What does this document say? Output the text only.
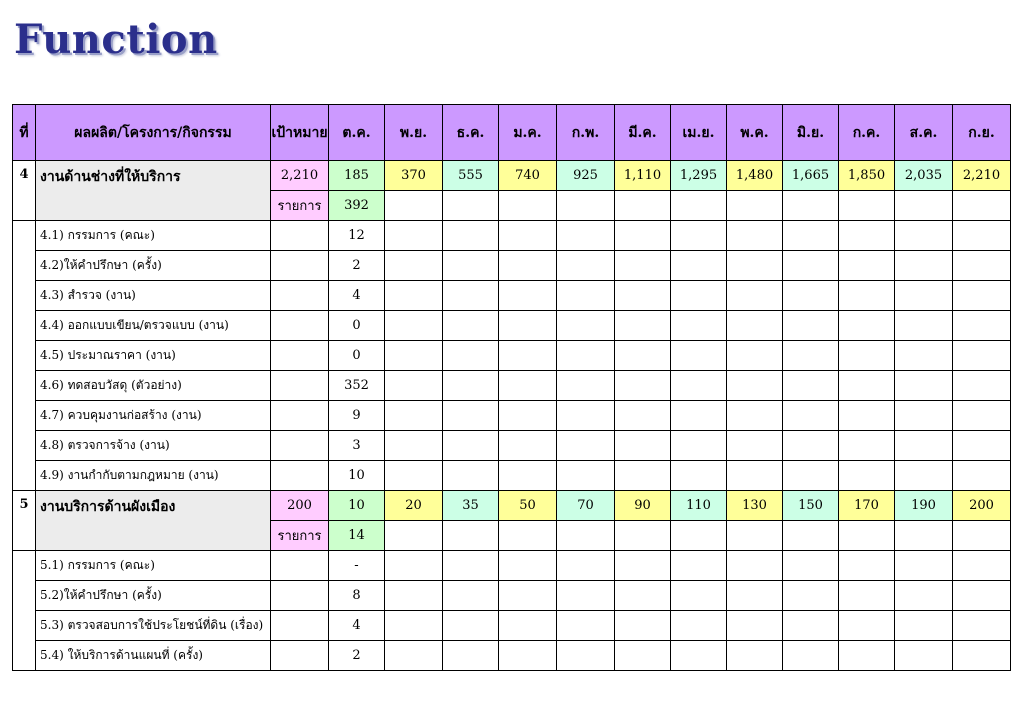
Function
ที่	ผลผลิต/โครงการ/กิจกรรม	เป้าหมาย	ต.ค.	พ.ย.	ธ.ค.	ม.ค.	ก.พ.	มี.ค.	เม.ย.	พ.ค.	มิ.ย.	ก.ค.	ส.ค.	ก.ย.
4	งานด้านช่างที่ให้บริการ	2,210	185	370	555	740	925	1,110	1,295	1,480	1,665	1,850	2,035	2,210
		รายการ	392											
	4.1) กรรมการ (คณะ)		12											
	4.2)ให้คำปรึกษา (ครั้ง)		2											
	4.3) สำรวจ (งาน)		4											
	4.4) ออกแบบเขียน/ตรวจแบบ (งาน)		0											
	4.5) ประมาณราคา (งาน)		0											
	4.6) ทดสอบวัสดุ (ตัวอย่าง)		352											
	4.7) ควบคุมงานก่อสร้าง (งาน)		9											
	4.8) ตรวจการจ้าง (งาน)		3											
	4.9) งานกำกับตามกฎหมาย (งาน)		10											
5	งานบริการด้านผังเมือง	200	10	20	35	50	70	90	110	130	150	170	190	200
		รายการ	14											
	5.1) กรรมการ (คณะ)		-											
	5.2)ให้คำปรึกษา (ครั้ง)		8											
	5.3) ตรวจสอบการใช้ประโยชน์ที่ดิน (เรื่อง)		4											
	5.4) ให้บริการด้านแผนที่ (ครั้ง)		2											
